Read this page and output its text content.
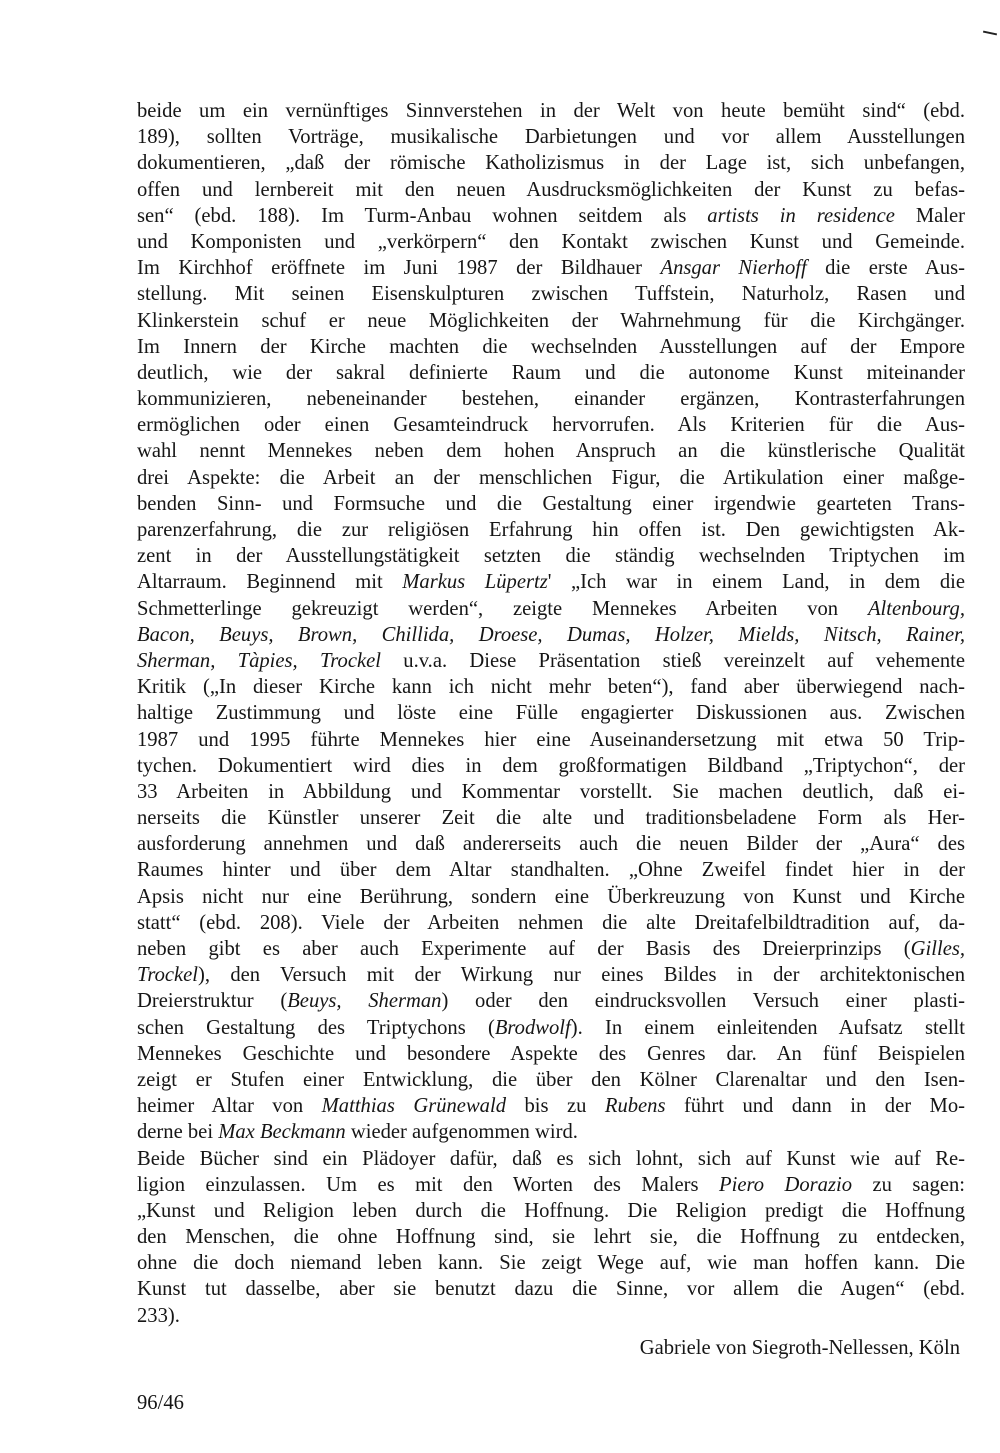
beide um ein vernünftiges Sinnverstehen in der Welt von heute bemüht sind“ (ebd.
189), sollten Vorträge, musikalische Darbietungen und vor allem Ausstellungen
dokumentieren, „daß der römische Katholizismus in der Lage ist, sich unbefangen,
offen und lernbereit mit den neuen Ausdrucksmöglichkeiten der Kunst zu befas-
sen“ (ebd. 188). Im Turm-Anbau wohnen seitdem als artists in residence Maler
und Komponisten und „verkörpern“ den Kontakt zwischen Kunst und Gemeinde.
Im Kirchhof eröffnete im Juni 1987 der Bildhauer Ansgar Nierhoff die erste Aus-
stellung. Mit seinen Eisenskulpturen zwischen Tuffstein, Naturholz, Rasen und
Klinkerstein schuf er neue Möglichkeiten der Wahrnehmung für die Kirchgänger.
Im Innern der Kirche machten die wechselnden Ausstellungen auf der Empore
deutlich, wie der sakral definierte Raum und die autonome Kunst miteinander
kommunizieren, nebeneinander bestehen, einander ergänzen, Kontrasterfahrungen
ermöglichen oder einen Gesamteindruck hervorrufen. Als Kriterien für die Aus-
wahl nennt Mennekes neben dem hohen Anspruch an die künstlerische Qualität
drei Aspekte: die Arbeit an der menschlichen Figur, die Artikulation einer maßge-
benden Sinn- und Formsuche und die Gestaltung einer irgendwie gearteten Trans-
parenzerfahrung, die zur religiösen Erfahrung hin offen ist. Den gewichtigsten Ak-
zent in der Ausstellungstätigkeit setzten die ständig wechselnden Triptychen im
Altarraum. Beginnend mit Markus Lüpertz' „Ich war in einem Land, in dem die
Schmetterlinge gekreuzigt werden“, zeigte Mennekes Arbeiten von Altenbourg,
Bacon, Beuys, Brown, Chillida, Droese, Dumas, Holzer, Mields, Nitsch, Rainer,
Sherman, Tàpies, Trockel u.v.a. Diese Präsentation stieß vereinzelt auf vehemente
Kritik („In dieser Kirche kann ich nicht mehr beten“), fand aber überwiegend nach-
haltige Zustimmung und löste eine Fülle engagierter Diskussionen aus. Zwischen
1987 und 1995 führte Mennekes hier eine Auseinandersetzung mit etwa 50 Trip-
tychen. Dokumentiert wird dies in dem großformatigen Bildband „Triptychon“, der
33 Arbeiten in Abbildung und Kommentar vorstellt. Sie machen deutlich, daß ei-
nerseits die Künstler unserer Zeit die alte und traditionsbeladene Form als Her-
ausforderung annehmen und daß andererseits auch die neuen Bilder der „Aura“ des
Raumes hinter und über dem Altar standhalten. „Ohne Zweifel findet hier in der
Apsis nicht nur eine Berührung, sondern eine Überkreuzung von Kunst und Kirche
statt“ (ebd. 208). Viele der Arbeiten nehmen die alte Dreitafelbildtradition auf, da-
neben gibt es aber auch Experimente auf der Basis des Dreierprinzips (Gilles,
Trockel), den Versuch mit der Wirkung nur eines Bildes in der architektonischen
Dreierstruktur (Beuys, Sherman) oder den eindrucksvollen Versuch einer plasti-
schen Gestaltung des Triptychons (Brodwolf). In einem einleitenden Aufsatz stellt
Mennekes Geschichte und besondere Aspekte des Genres dar. An fünf Beispielen
zeigt er Stufen einer Entwicklung, die über den Kölner Clarenaltar und den Isen-
heimer Altar von Matthias Grünewald bis zu Rubens führt und dann in der Mo-
derne bei Max Beckmann wieder aufgenommen wird.
Beide Bücher sind ein Plädoyer dafür, daß es sich lohnt, sich auf Kunst wie auf Re-
ligion einzulassen. Um es mit den Worten des Malers Piero Dorazio zu sagen:
„Kunst und Religion leben durch die Hoffnung. Die Religion predigt die Hoffnung
den Menschen, die ohne Hoffnung sind, sie lehrt sie, die Hoffnung zu entdecken,
ohne die doch niemand leben kann. Sie zeigt Wege auf, wie man hoffen kann. Die
Kunst tut dasselbe, aber sie benutzt dazu die Sinne, vor allem die Augen“ (ebd.
233).
Gabriele von Siegroth-Nellessen, Köln
96/46
